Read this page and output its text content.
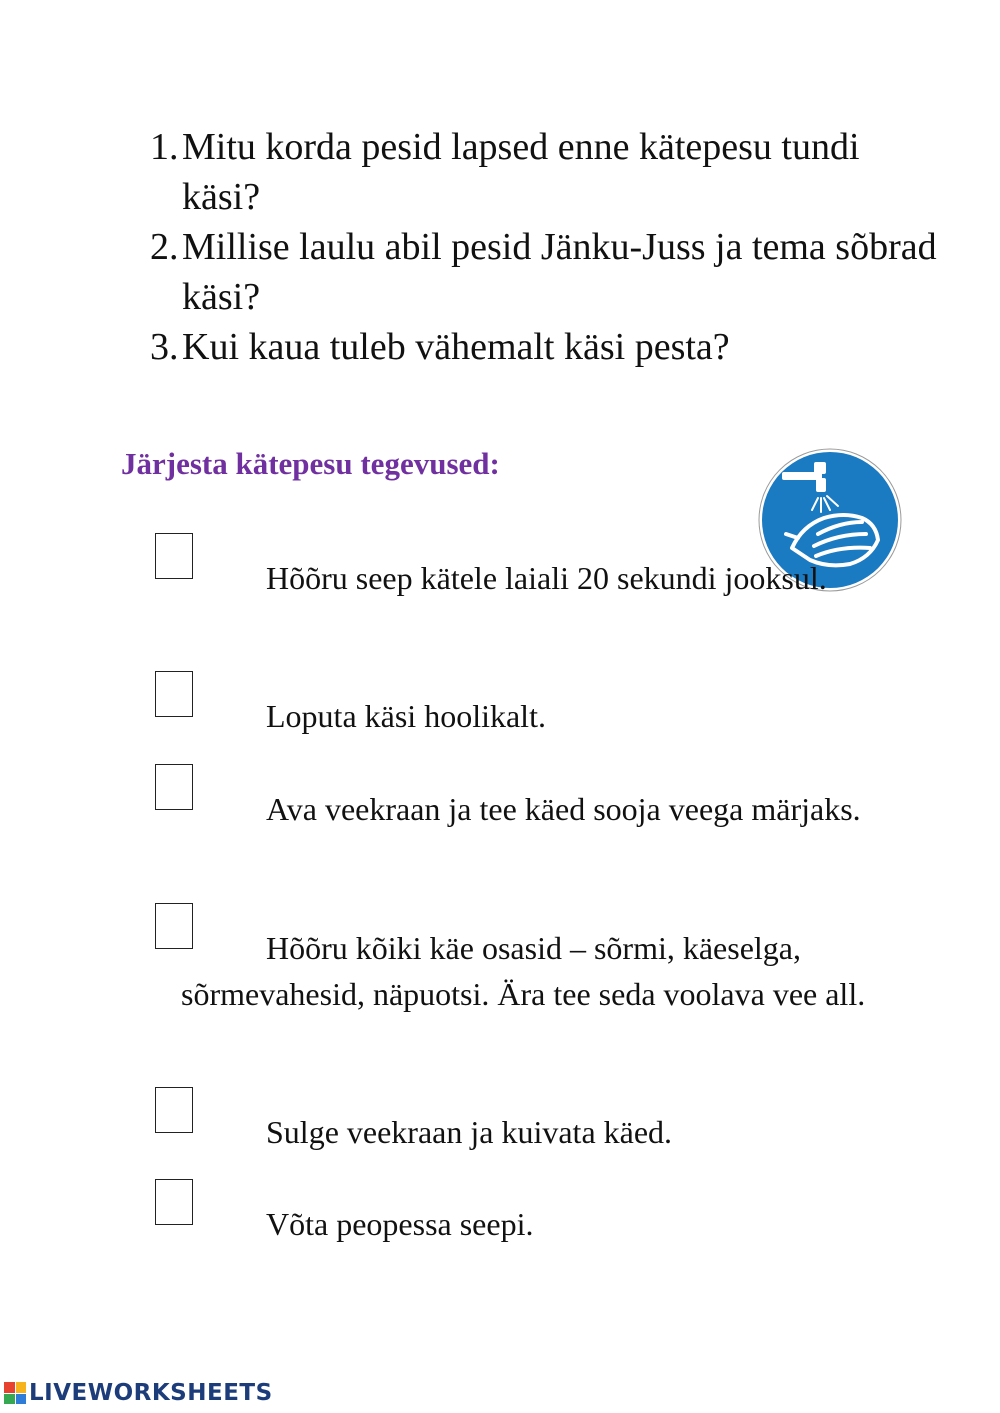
1. Mitu korda pesid lapsed enne kätepesu tundi käsi?
2. Millise laulu abil pesid Jänku-Juss ja tema sõbrad käsi?
3. Kui kaua tuleb vähemalt käsi pesta?
Järjesta kätepesu tegevused:
Hõõru seep kätele laiali 20 sekundi jooksul.
Loputa käsi hoolikalt.
Ava veekraan ja tee käed sooja veega märjaks.
Hõõru kõiki käe osasid – sõrmi, käeselga, sõrmevahesid, näpuotsi. Ära tee seda voolava vee all.
Sulge veekraan ja kuivata käed.
Võta peopessa seepi.
LIVEWORKSHEETS
